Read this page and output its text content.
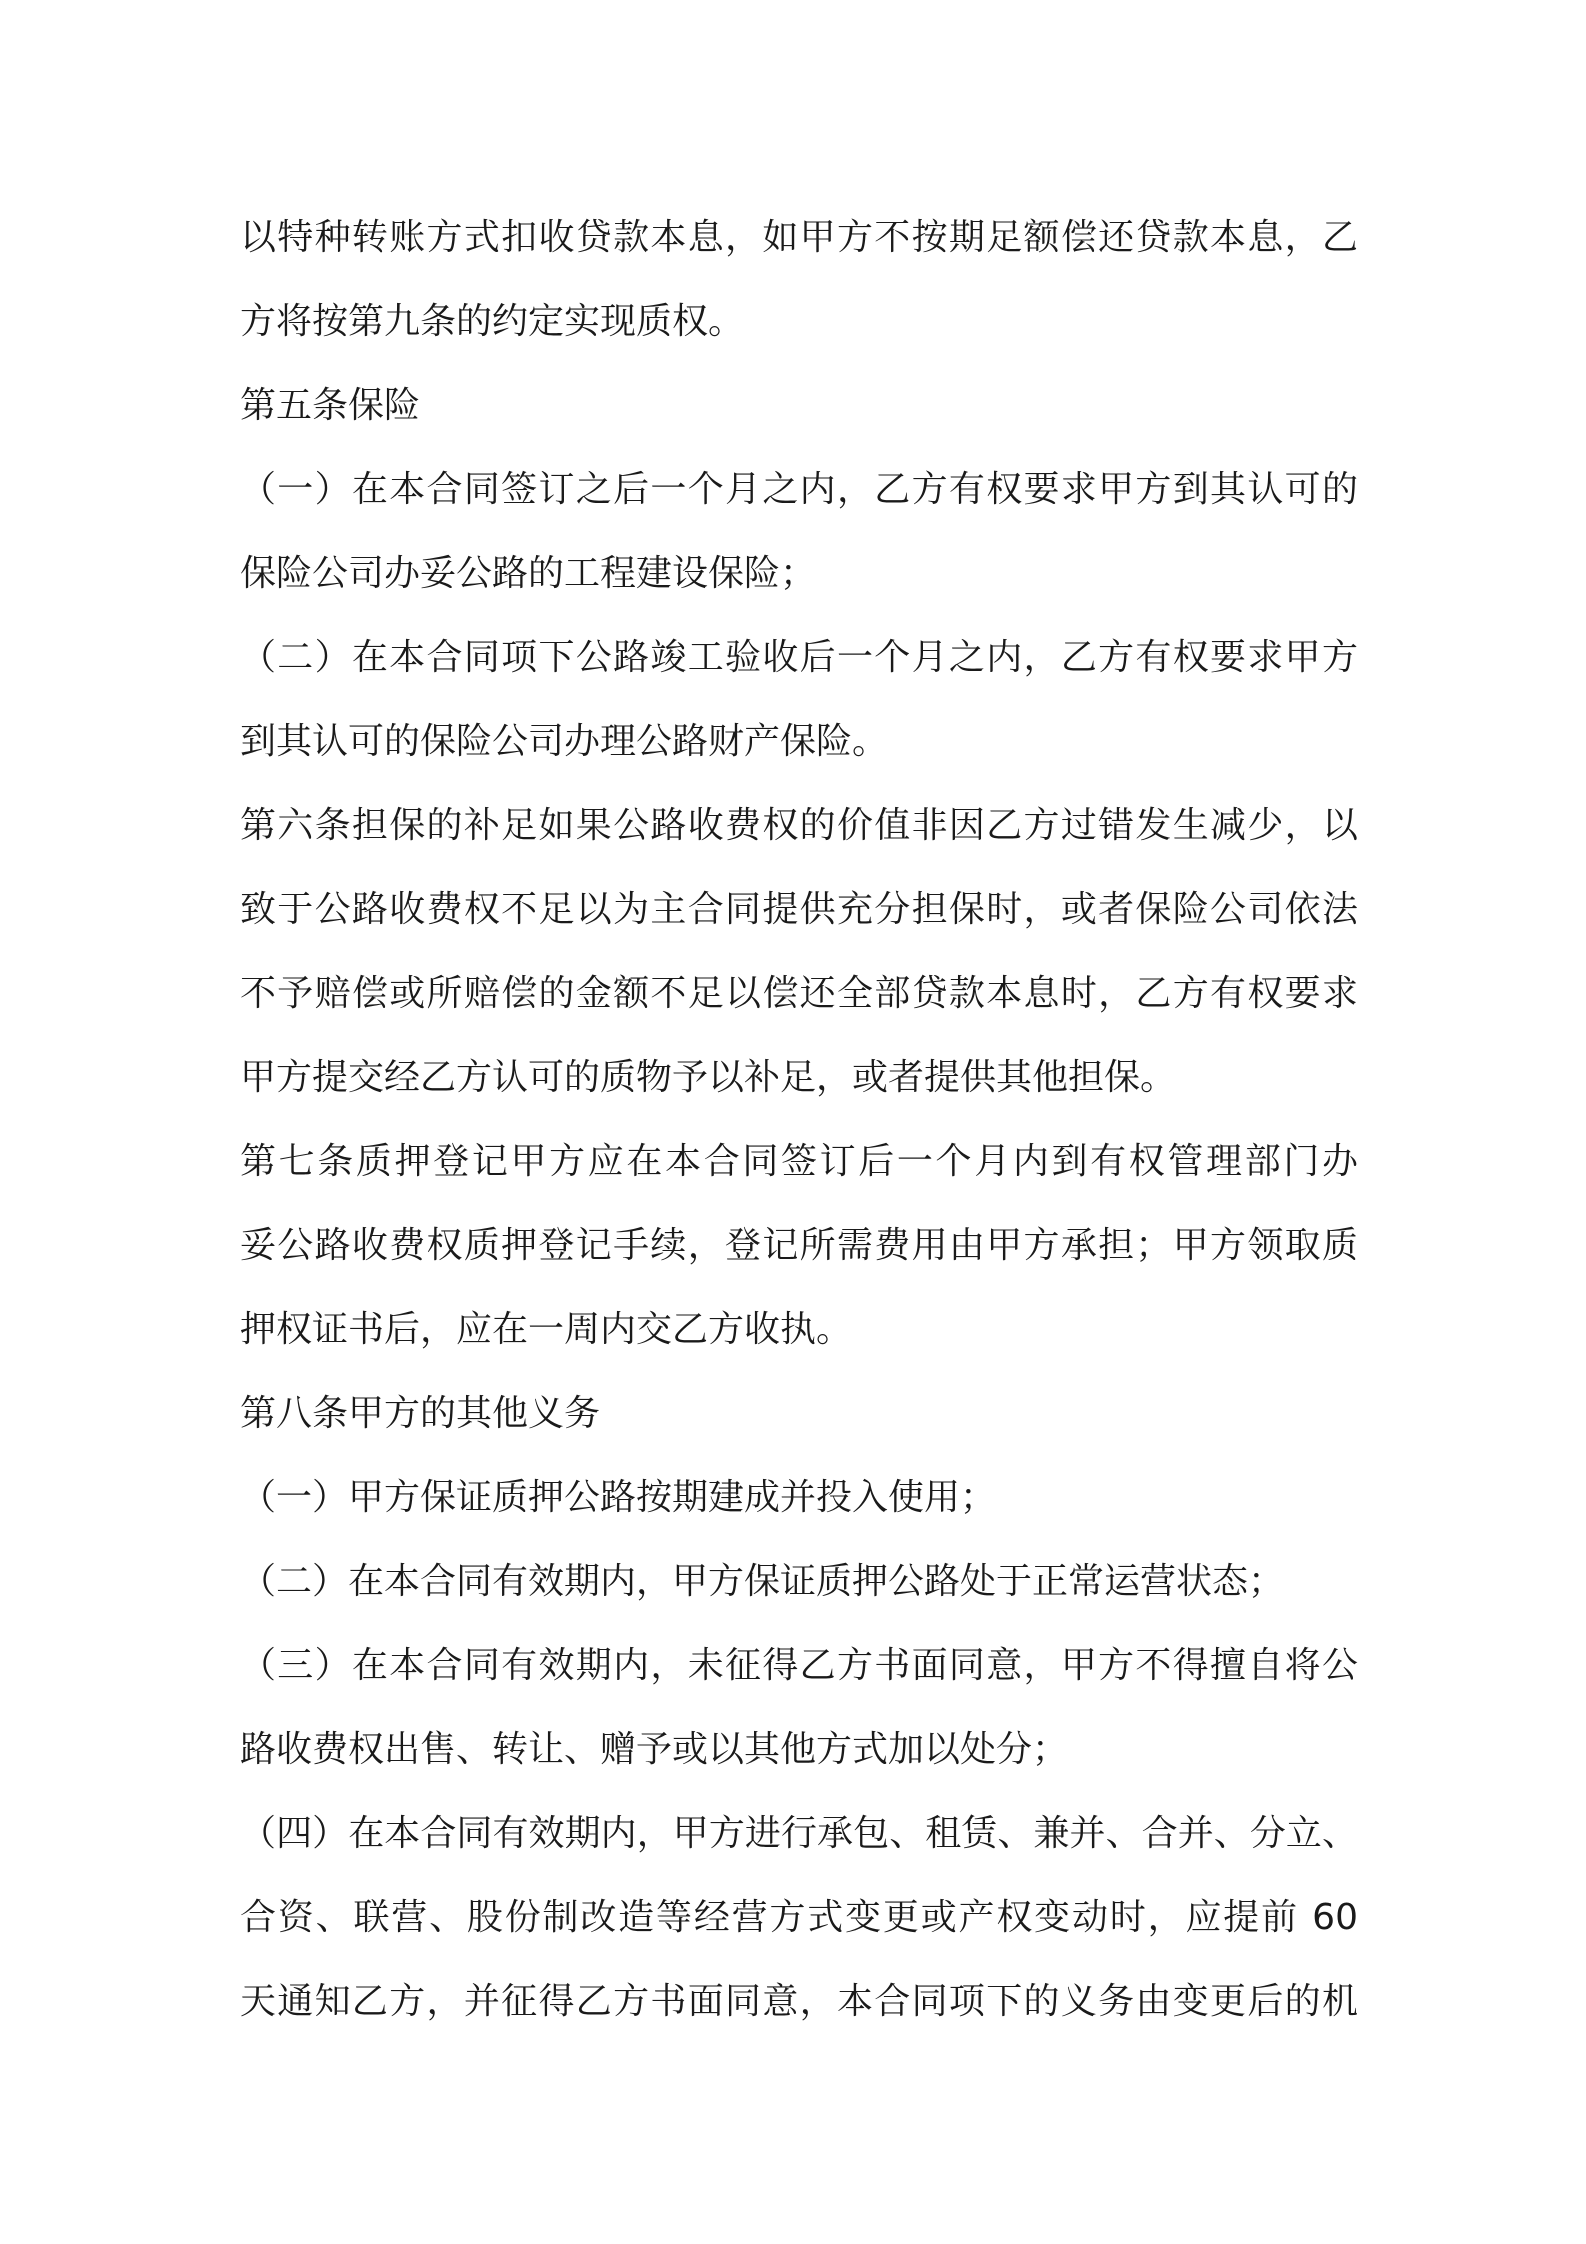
以特种转账方式扣收贷款本息，如甲方不按期足额偿还贷款本息，乙
方将按第九条的约定实现质权。
第五条保险
（一）在本合同签订之后一个月之内，乙方有权要求甲方到其认可的
保险公司办妥公路的工程建设保险；
（二）在本合同项下公路竣工验收后一个月之内，乙方有权要求甲方
到其认可的保险公司办理公路财产保险。
第六条担保的补足如果公路收费权的价值非因乙方过错发生减少，以
致于公路收费权不足以为主合同提供充分担保时，或者保险公司依法
不予赔偿或所赔偿的金额不足以偿还全部贷款本息时，乙方有权要求
甲方提交经乙方认可的质物予以补足，或者提供其他担保。
第七条质押登记甲方应在本合同签订后一个月内到有权管理部门办
妥公路收费权质押登记手续，登记所需费用由甲方承担；甲方领取质
押权证书后，应在一周内交乙方收执。
第八条甲方的其他义务
（一）甲方保证质押公路按期建成并投入使用；
（二）在本合同有效期内，甲方保证质押公路处于正常运营状态；
（三）在本合同有效期内，未征得乙方书面同意，甲方不得擅自将公
路收费权出售、转让、赠予或以其他方式加以处分；
（四）在本合同有效期内，甲方进行承包、租赁、兼并、合并、分立、
合资、联营、股份制改造等经营方式变更或产权变动时，应提前 60
天通知乙方，并征得乙方书面同意，本合同项下的义务由变更后的机
